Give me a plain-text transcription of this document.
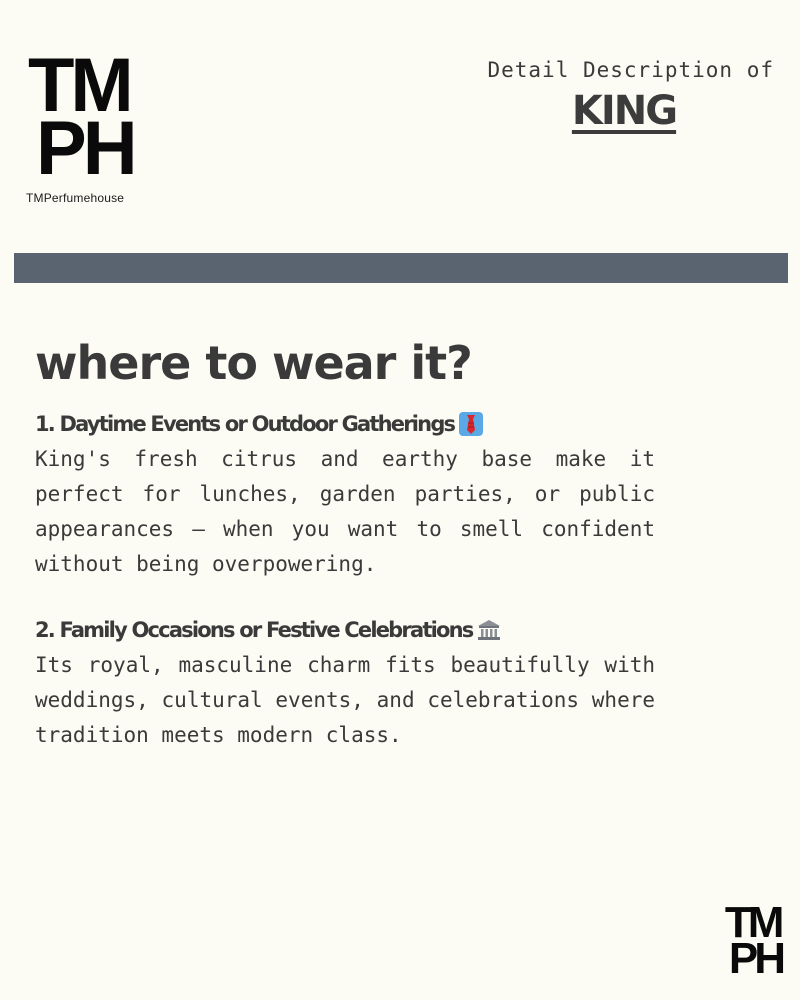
TM
PH
TMPerfumehouse
Detail Description of
KING
where to wear it?
1. Daytime Events or Outdoor Gatherings
King's fresh citrus and earthy base make it perfect for lunches, garden parties, or public appearances — when you want to smell confident without being overpowering.
2. Family Occasions or Festive Celebrations
Its royal, masculine charm fits beautifully with weddings, cultural events, and celebrations where tradition meets modern class.
TM
PH
